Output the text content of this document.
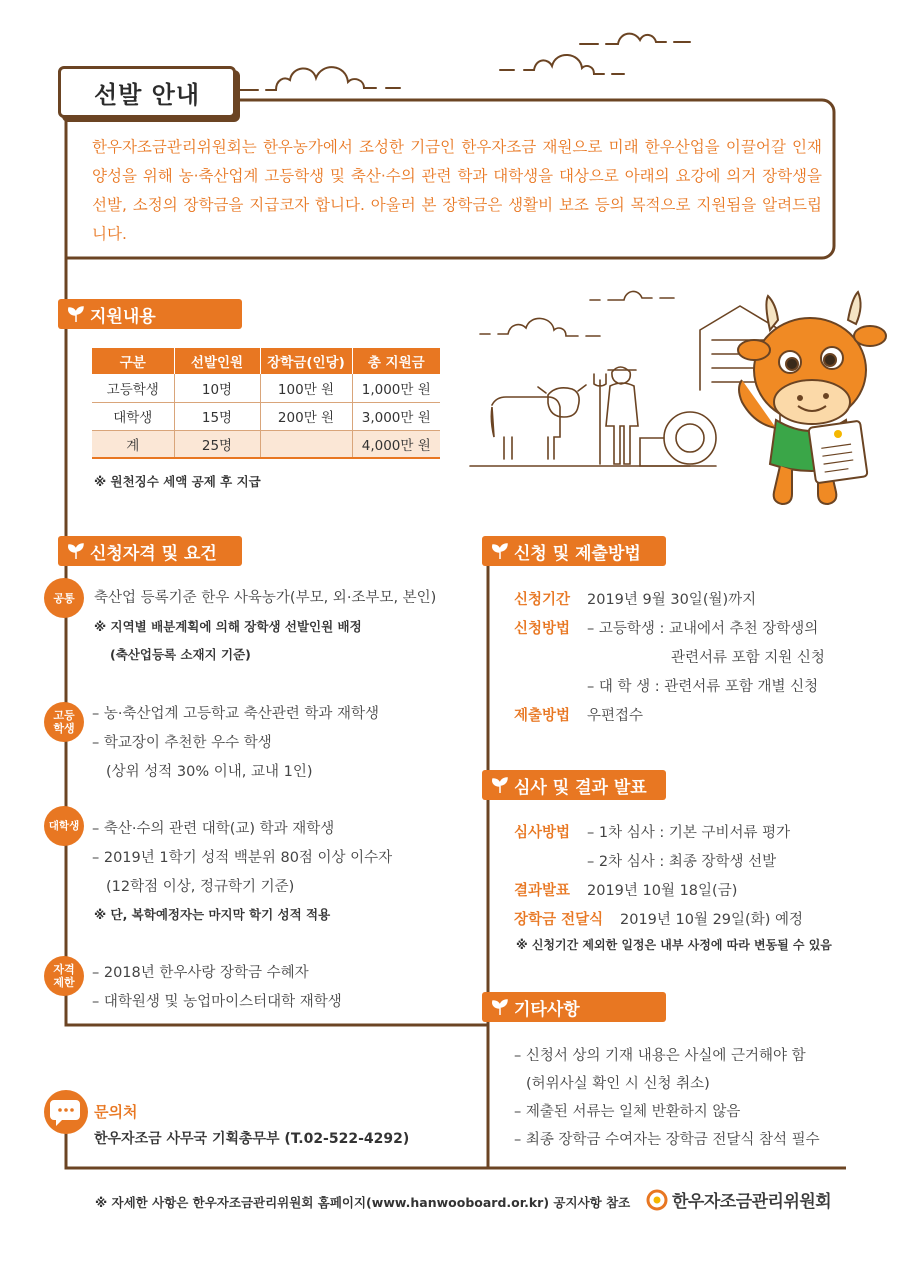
선발 안내

한우자조금관리위원회는 한우농가에서 조성한 기금인 한우자조금 재원으로 미래 한우산업을 이끌어갈 인재 양성을 위해 농·축산업계 고등학생 및 축산·수의 관련 학과 대학생을 대상으로 아래의 요강에 의거 장학생을 선발, 소정의 장학금을 지급코자 합니다. 아울러 본 장학금은 생활비 보조 등의 목적으로 지원됨을 알려드립니다.

지원내용
구분	선발인원	장학금(인당)	총 지원금
고등학생	10명	100만 원	1,000만 원
대학생	15명	200만 원	3,000만 원
계	25명		4,000만 원
※ 원천징수 세액 공제 후 지급
신청자격 및 요건
공통	축산업 등록기준 한우 사육농가(부모, 외·조부모, 본인)
※ 지역별 배분계획에 의해 장학생 선발인원 배정
(축산업등록 소재지 기준)
고등
학생
– 농·축산업계 고등학교 축산관련 학과 재학생
– 학교장이 추천한 우수 학생
(상위 성적 30% 이내, 교내 1인)
대학생 – 축산·수의 관련 대학(교) 학과 재학생
– 2019년 1학기 성적 백분위 80점 이상 이수자
(12학점 이상, 정규학기 기준)
※ 단, 복학예정자는 마지막 학기 성적 적용
자격
제한
– 2018년 한우사랑 장학금 수혜자
– 대학원생 및 농업마이스터대학 재학생
문의처
한우자조금 사무국 기획총무부 (T.02-522-4292)
신청 및 제출방법
신청기간 2019년 9월 30일(월)까지
신청방법 – 고등학생 : 교내에서 추천 장학생의
관련서류 포함 지원 신청
– 대 학 생 : 관련서류 포함 개별 신청
제출방법 우편접수
심사 및 결과 발표
심사방법 – 1차 심사 : 기본 구비서류 평가
– 2차 심사 : 최종 장학생 선발
결과발표 2019년 10월 18일(금)
장학금 전달식 2019년 10월 29일(화) 예정
※ 신청기간 제외한 일정은 내부 사정에 따라 변동될 수 있음
기타사항
– 신청서 상의 기재 내용은 사실에 근거해야 함
(허위사실 확인 시 신청 취소)
– 제출된 서류는 일체 반환하지 않음
– 최종 장학금 수여자는 장학금 전달식 참석 필수
※ 자세한 사항은 한우자조금관리위원회 홈페이지(www.hanwooboard.or.kr) 공지사항 참조 한우자조금관리위원회
